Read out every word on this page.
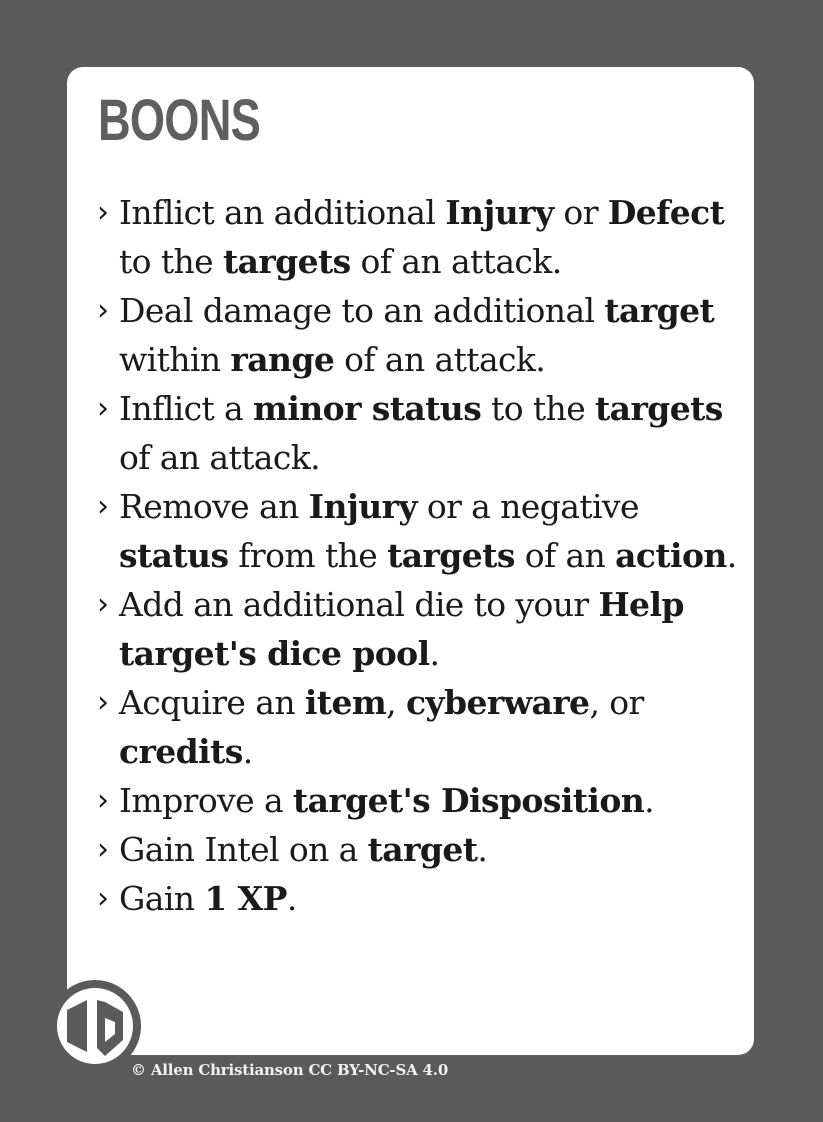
BOONS
› Inflict an additional Injury or Defect to the targets of an attack.
› Deal damage to an additional target within range of an attack.
› Inflict a minor status to the targets of an attack.
› Remove an Injury or a negative status from the targets of an action.
› Add an additional die to your Help target's dice pool.
› Acquire an item, cyberware, or credits.
› Improve a target's Disposition.
› Gain Intel on a target.
› Gain 1 XP.
© Allen Christianson CC BY-NC-SA 4.0
